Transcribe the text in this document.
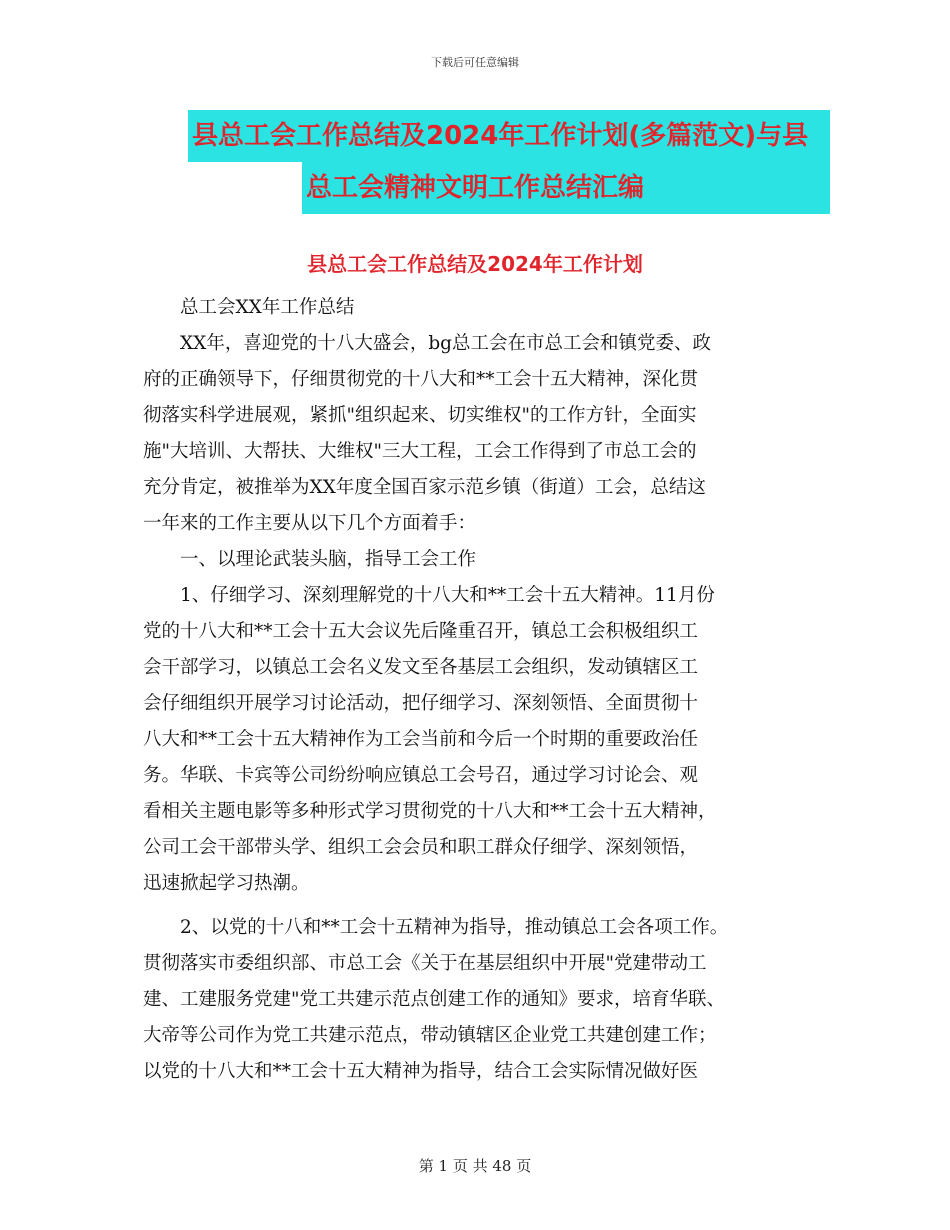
下载后可任意编辑
县总工会工作总结及2024年工作计划(多篇范文)与县
总工会精神文明工作总结汇编
县总工会工作总结及2024年工作计划

总工会XX年工作总结

XX年，喜迎党的十八大盛会，bg总工会在市总工会和镇党委、政

府的正确领导下，仔细贯彻党的十八大和**工会十五大精神，深化贯

彻落实科学进展观，紧抓"组织起来、切实维权"的工作方针，全面实

施"大培训、大帮扶、大维权"三大工程，工会工作得到了市总工会的

充分肯定，被推举为XX年度全国百家示范乡镇（街道）工会，总结这

一年来的工作主要从以下几个方面着手：

一、以理论武装头脑，指导工会工作

1、仔细学习、深刻理解党的十八大和**工会十五大精神。11月份

党的十八大和**工会十五大会议先后隆重召开，镇总工会积极组织工

会干部学习，以镇总工会名义发文至各基层工会组织，发动镇辖区工

会仔细组织开展学习讨论活动，把仔细学习、深刻领悟、全面贯彻十

八大和**工会十五大精神作为工会当前和今后一个时期的重要政治任

务。华联、卡宾等公司纷纷响应镇总工会号召，通过学习讨论会、观

看相关主题电影等多种形式学习贯彻党的十八大和**工会十五大精神，

公司工会干部带头学、组织工会会员和职工群众仔细学、深刻领悟，

迅速掀起学习热潮。

2、以党的十八和**工会十五精神为指导，推动镇总工会各项工作。

贯彻落实市委组织部、市总工会《关于在基层组织中开展"党建带动工

建、工建服务党建"党工共建示范点创建工作的通知》要求，培育华联、

大帝等公司作为党工共建示范点，带动镇辖区企业党工共建创建工作；

以党的十八大和**工会十五大精神为指导，结合工会实际情况做好医

第 1 页 共 48 页
